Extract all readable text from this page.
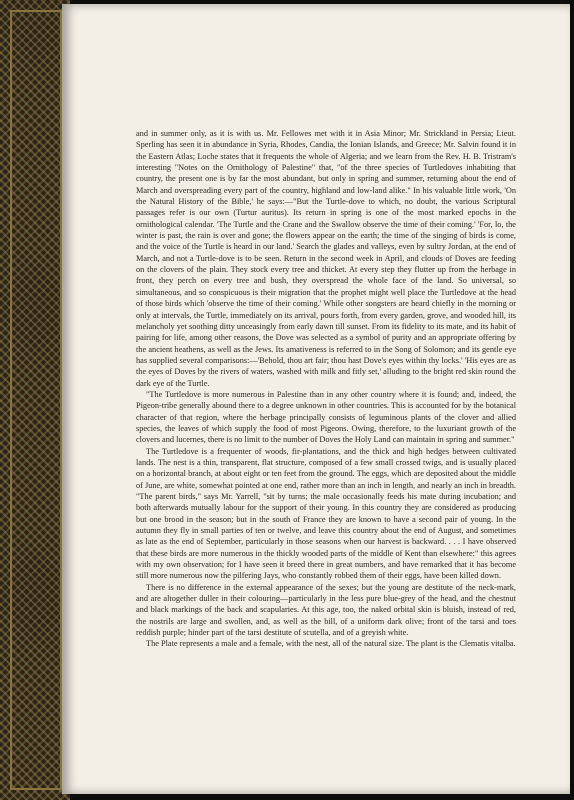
and in summer only, as it is with us. Mr. Fellowes met with it in Asia Minor; Mr. Strickland in Persia; Lieut. Sperling has seen it in abundance in Syria, Rhodes, Candia, the Ionian Islands, and Greece; Mr. Salvin found it in the Eastern Atlas; Loche states that it frequents the whole of Algeria; and we learn from the Rev. H. B. Tristram's interesting "Notes on the Ornithology of Palestine" that, "of the three species of Turtledoves inhabiting that country, the present one is by far the most abundant, but only in spring and summer, returning about the end of March and overspreading every part of the country, highland and low-land alike." In his valuable little work, 'On the Natural History of the Bible,' he says:—"But the Turtle-dove to which, no doubt, the various Scriptural passages refer is our own (Turtur auritus). Its return in spring is one of the most marked epochs in the ornithological calendar. 'The Turtle and the Crane and the Swallow observe the time of their coming.' 'For, lo, the winter is past, the rain is over and gone; the flowers appear on the earth; the time of the singing of birds is come, and the voice of the Turtle is heard in our land.' Search the glades and valleys, even by sultry Jordan, at the end of March, and not a Turtle-dove is to be seen. Return in the second week in April, and clouds of Doves are feeding on the clovers of the plain. They stock every tree and thicket. At every step they flutter up from the herbage in front, they perch on every tree and bush, they overspread the whole face of the land. So universal, so simultaneous, and so conspicuous is their migration that the prophet might well place the Turtledove at the head of those birds which 'observe the time of their coming.' While other songsters are heard chiefly in the morning or only at intervals, the Turtle, immediately on its arrival, pours forth, from every garden, grove, and wooded hill, its melancholy yet soothing ditty unceasingly from early dawn till sunset. From its fidelity to its mate, and its habit of pairing for life, among other reasons, the Dove was selected as a symbol of purity and an appropriate offering by the ancient heathens, as well as the Jews. Its amativeness is referred to in the Song of Solomon; and its gentle eye has supplied several comparisons:—'Behold, thou art fair; thou hast Dove's eyes within thy locks.' 'His eyes are as the eyes of Doves by the rivers of waters, washed with milk and fitly set,' alluding to the bright red skin round the dark eye of the Turtle.

"The Turtledove is more numerous in Palestine than in any other country where it is found; and, indeed, the Pigeon-tribe generally abound there to a degree unknown in other countries. This is accounted for by the botanical character of that region, where the herbage principally consists of leguminous plants of the clover and allied species, the leaves of which supply the food of most Pigeons. Owing, therefore, to the luxuriant growth of the clovers and lucernes, there is no limit to the number of Doves the Holy Land can maintain in spring and summer."

The Turtledove is a frequenter of woods, fir-plantations, and the thick and high hedges between cultivated lands. The nest is a thin, transparent, flat structure, composed of a few small crossed twigs, and is usually placed on a horizontal branch, at about eight or ten feet from the ground. The eggs, which are deposited about the middle of June, are white, somewhat pointed at one end, rather more than an inch in length, and nearly an inch in breadth. "The parent birds," says Mr. Yarrell, "sit by turns; the male occasionally feeds his mate during incubation; and both afterwards mutually labour for the support of their young. In this country they are considered as producing but one brood in the season; but in the south of France they are known to have a second pair of young. In the autumn they fly in small parties of ten or twelve, and leave this country about the end of August, and sometimes as late as the end of September, particularly in those seasons when our harvest is backward. . . . I have observed that these birds are more numerous in the thickly wooded parts of the middle of Kent than elsewhere:" this agrees with my own observation; for I have seen it breed there in great numbers, and have remarked that it has become still more numerous now the pilfering Jays, who constantly robbed them of their eggs, have been killed down.

There is no difference in the external appearance of the sexes; but the young are destitute of the neck-mark, and are altogether duller in their colouring—particularly in the less pure blue-grey of the head, and the chestnut and black markings of the back and scapularies. At this age, too, the naked orbital skin is bluish, instead of red, the nostrils are large and swollen, and, as well as the bill, of a uniform dark olive; front of the tarsi and toes reddish purple; hinder part of the tarsi destitute of scutella, and of a greyish white.

The Plate represents a male and a female, with the nest, all of the natural size. The plant is the Clematis vitalba.
